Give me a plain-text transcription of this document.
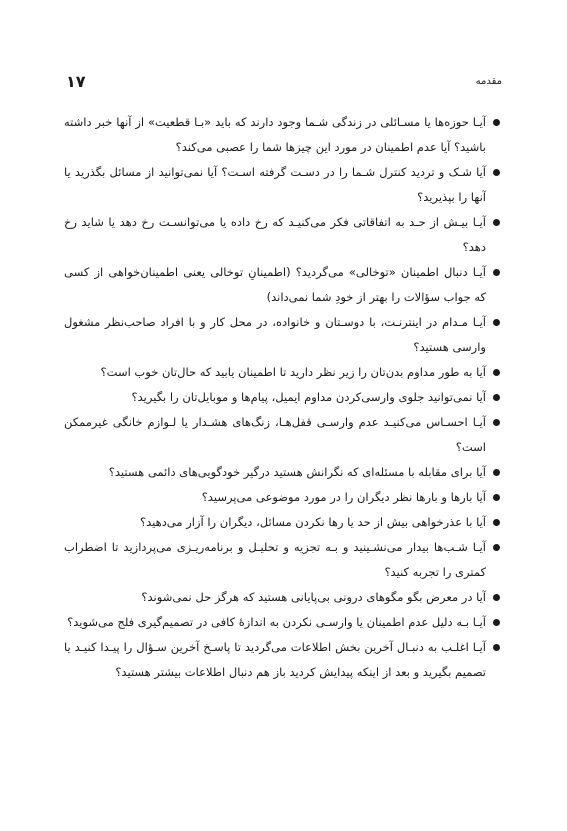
مقدمه
۱۷
آیـا حوزه‌ها یا مسـائلی در زندگی شـما وجود دارند که باید «بـا قطعیت» از آنها خبر داشته باشید؟ آیا عدم اطمینان در مورد این چیزها شما را عصبی می‌کند؟
آیا شـک و تردید کنترل شـما را در دسـت گرفته اسـت؟ آیا نمی‌توانید از مسائل بگذرید یا آنها را بپذیرید؟
آیـا بیـش از حـد به اتفاقاتی فکر می‌کنیـد که رخ داده یا می‌توانسـت رخ دهد یا شاید رخ دهد؟
آیـا دنبال اطمینان «تو‌خالی» می‌گردید؟ (اطمینانِ تو‌خالی یعنی اطمینان‌خواهی از کسی که جواب سؤالات را بهتر از خودِ شما نمی‌داند)
آیـا مـدام در اینترنـت، با دوسـتان و خانواده، در محل کار و با افراد صاحب‌نظر مشغول وارسی هستید؟
آیا به طور مداوم بدن‌تان را زیر نظر دارید تا اطمینان یابید که حال‌تان خوب است؟
آیا نمی‌توانید جلوی وارسی‌کردن مداوم ایمیل، پیام‌ها و موبایل‌تان را بگیرید؟
آیـا احسـاس می‌کنیـد عدم وارسـی قفل‌هـا، زنگ‌های هشـدار یا لـوازم خانگی غیرممکن است؟
آیا برای مقابله با مسئله‌ای که نگرانش هستید درگیر خودگویی‌های دائمی هستید؟
آیا بارها و بارها نظر دیگران را در مورد موضوعی می‌پرسید؟
آیا با عذرخواهی بیش از حد یا رها نکردن مسائل، دیگران را آزار می‌دهید؟
آیـا شـب‌ها بیدار می‌نشـینید و بـه تجزیه و تحلیـل و برنامه‌ریـزی می‌پردازید تا اضطراب کمتری را تجربه کنید؟
آیا در معرض بگو مگوهای درونی بی‌پایانی هستید که هرگز حل نمی‌شوند؟
آیـا بـه دلیل عدم اطمینان یا وارسـی نکردن به اندازۀ کافی در تصمیم‌گیری فلج می‌شوید؟
آیـا اغلـب به دنبـال آخرین بخش اطلاعات می‌گردید تا پاسـخ آخرین سـؤال را پیـدا کنیـد یا تصمیم بگیرید و بعد از اینکه پیدایش کردید باز هم دنبال اطلاعات بیشتر هستید؟
